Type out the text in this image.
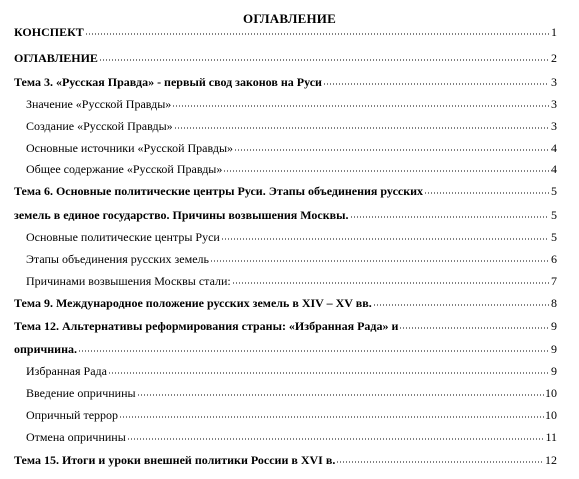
ОГЛАВЛЕНИЕ
КОНСПЕКТ	1
ОГЛАВЛЕНИЕ	2
Тема 3. «Русская Правда» - первый свод законов на Руси	3
Значение «Русской Правды»	3
Создание «Русской Правды»	3
Основные источники «Русской Правды»	4
Общее содержание «Русской Правды»	4
Тема 6. Основные политические центры Руси. Этапы объединения русских	5
земель в единое государство. Причины возвышения Москвы.	5
Основные политические центры Руси	5
Этапы объединения русских земель	6
Причинами возвышения Москвы стали:	7
Тема 9. Международное положение русских земель в XIV – XV вв.	8
Тема 12. Альтернативы реформирования страны: «Избранная Рада» и	9
опричнина.	9
Избранная Рада	9
Введение опричнины	10
Опричный террор	10
Отмена опричнины	11
Тема 15. Итоги и уроки внешней политики России в XVI в.	12
